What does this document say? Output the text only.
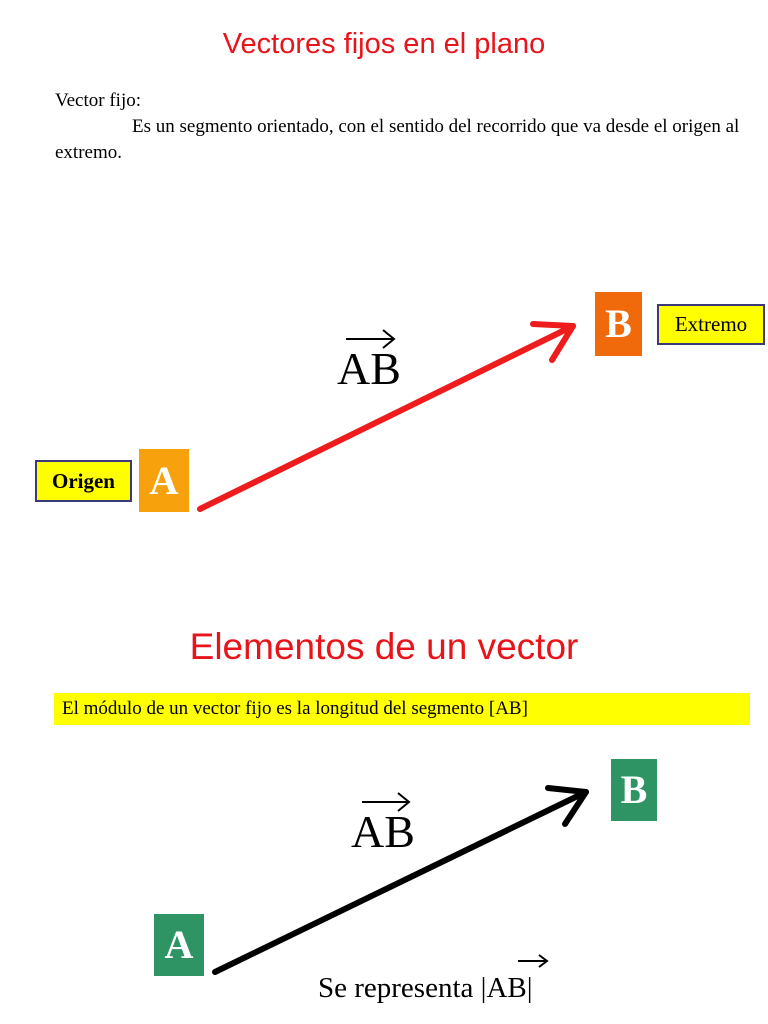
Vectores fijos en el plano
Vector fijo:
Es un segmento orientado, con el sentido del recorrido que va desde el origen al extremo.
AB
Origen A
B	Extremo
Elementos de un vector
El módulo de un vector fijo es la longitud del segmento [AB]
AB
B
A
Se representa |AB|
